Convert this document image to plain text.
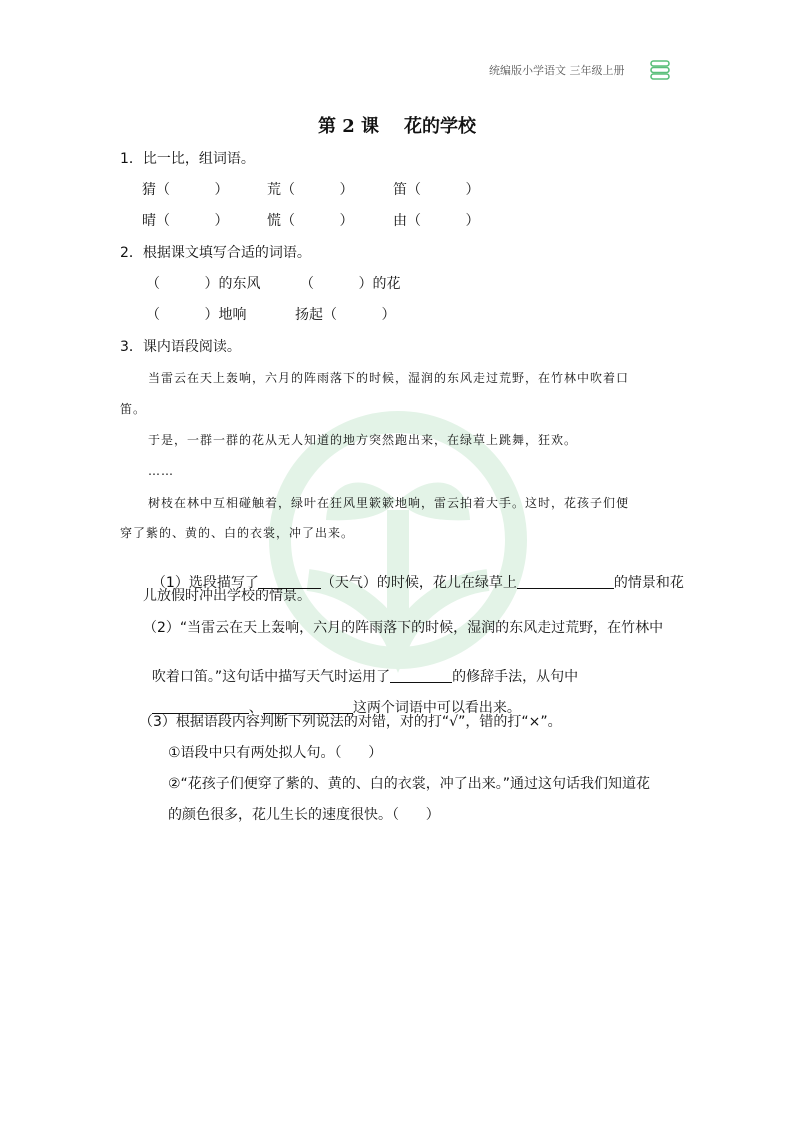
统编版小学语文 三年级上册
第 2 课    花的学校
1．比一比，组词语。
猜（          ）	荒（          ）	笛（          ）
晴（          ）	慌（          ）	由（          ）
2．根据课文填写合适的词语。
（          ）的东风	（          ）的花
（          ）地响	扬起（          ）
3．课内语段阅读。
当雷云在天上轰响，六月的阵雨落下的时候，湿润的东风走过荒野，在竹林中吹着口
笛。
于是，一群一群的花从无人知道的地方突然跑出来，在绿草上跳舞，狂欢。
……
树枝在林中互相碰触着，绿叶在狂风里簌簌地响，雷云拍着大手。这时，花孩子们便
穿了紫的、黄的、白的衣裳，冲了出来。

（1）选段描写了	（天气）的时候，花儿在绿草上	的情景和花

儿放假时冲出学校的情景。
（2）“当雷云在天上轰响，六月的阵雨落下的时候，湿润的东风走过荒野，在竹林中

吹着口笛。”这句话中描写天气时运用了	的修辞手法，从句中

、	这两个词语中可以看出来。

（3）根据语段内容判断下列说法的对错，对的打“√”，错的打“×”。
①语段中只有两处拟人句。（      ）
②“花孩子们便穿了紫的、黄的、白的衣裳，冲了出来。”通过这句话我们知道花
的颜色很多，花儿生长的速度很快。（      ）
